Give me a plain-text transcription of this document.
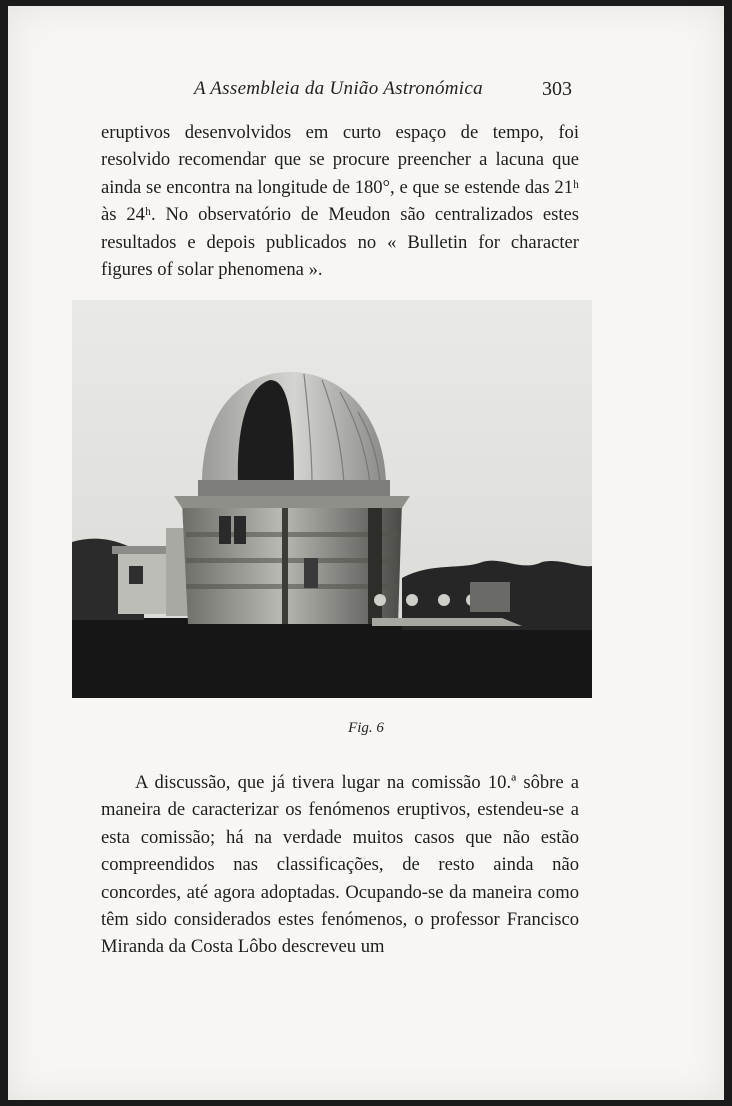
A Assembleia da União Astronómica	303

eruptivos desenvolvidos em curto espaço de tempo, foi resolvido recomendar que se procure preencher a lacuna que ainda se encontra na longitude de 180°, e que se estende das 21ʰ às 24ʰ. No observatório de Meudon são centralizados estes resultados e depois publicados no « Bulletin for character figures of solar phenomena ».

Fig. 6

A discussão, que já tivera lugar na comissão 10.ª sôbre a maneira de caracterizar os fenómenos eruptivos, estendeu-se a esta comissão; há na verdade muitos casos que não estão compreendidos nas classificações, de resto ainda não concordes, até agora adoptadas. Ocupando-se da maneira como têm sido considerados estes fenómenos, o professor Francisco Miranda da Costa Lôbo descreveu um
